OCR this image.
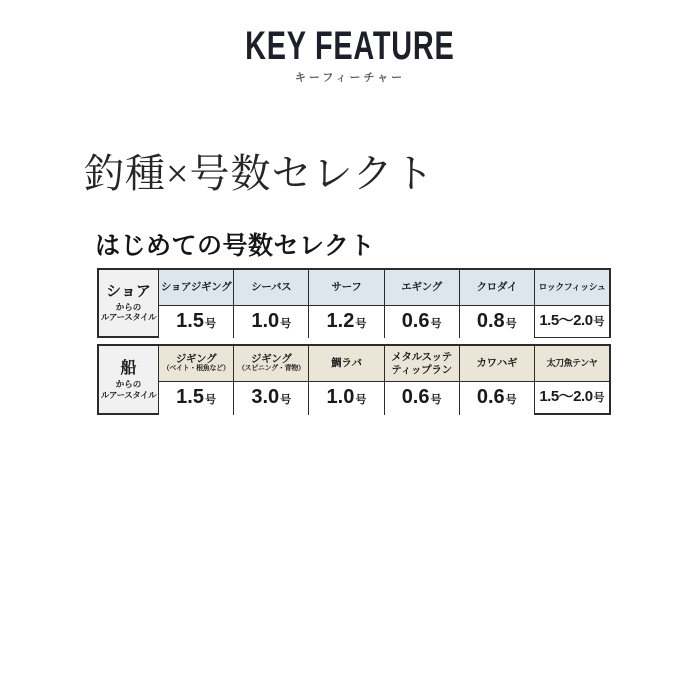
KEY FEATURE
キーフィーチャー
釣種×号数セレクト
はじめての号数セレクト
ショア
からの
ルアースタイル
ショアジギング
1.5号
シーバス
1.0号
サーフ
1.2号
エギング
0.6号
クロダイ
0.8号
ロックフィッシュ
1.5〜2.0号
船
からの
ルアースタイル
ジギング
（ベイト・根魚など）
1.5号
ジギング
（スピニング・青物）
3.0号
鯛ラバ
1.0号
メタルスッテ
ティップラン
0.6号
カワハギ
0.6号
太刀魚テンヤ
1.5〜2.0号
